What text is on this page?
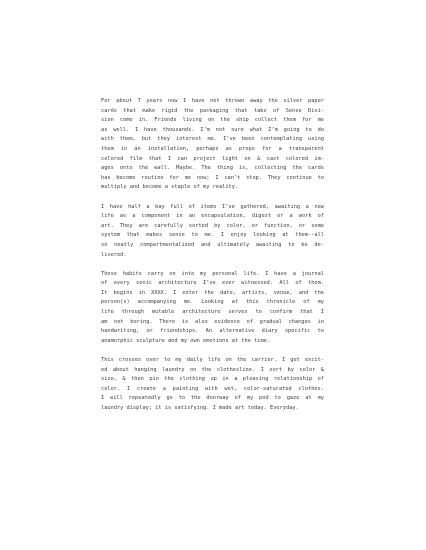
For about 7 years now I have not thrown away the silver paper
cards that make rigid the packaging that tabs of Sense Divi-
sion come in. Friends living on the ship collect them for me
as well. I have thousands. I’m not sure what I’m going to do
with them, but they interest me. I’ve been contemplating using
them in an installation, perhaps as props for a transparent
colored film that I can project light on & cast colored im-
ages onto the wall. Maybe. The thing is, collecting the cards
has become routine for me now; I can’t stop. They continue to
multiply and become a staple of my reality.
I have half a bay full of items I’ve gathered, awaiting a new
life as a component in an encapsulation, digest or a work of
art. They are carefully sorted by color, or function, or some
system that makes sense to me. I enjoy looking at them--all
so neatly compartmentalized and ultimately awaiting to be de-
livered.
These habits carry on into my personal life. I have a journal
of every sonic architecture I’ve ever witnessed. All of them.
It begins in XXXX. I enter the date, artists, venue, and the
person(s) accompanying me. Looking at this chronicle of my
life through mutable architecture serves to confirm that I
am not boring. There is also evidence of gradual changes in
handwriting, or friendships. An alternative diary specific to
anamorphic sculpture and my own emotions at the time.
This crosses over to my daily life on the carrier. I get excit-
ed about hanging laundry on the clothesline. I sort by color &
size, & then pin the clothing up in a pleasing relationship of
color. I create a painting with wet, color-saturated clothes.
I will repeatedly go to the doorway of my pod to gaze at my
laundry display; it is satisfying. I made art today. Everyday.
